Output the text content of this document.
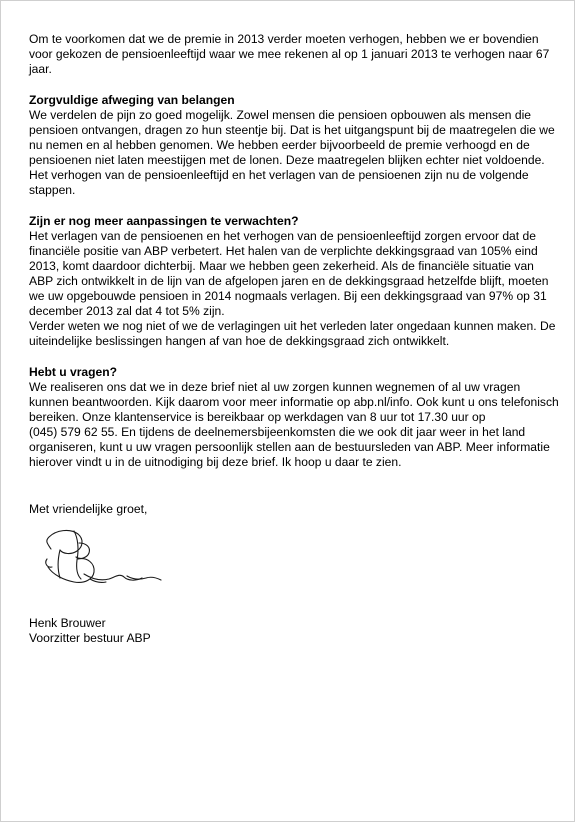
Om te voorkomen dat we de premie in 2013 verder moeten verhogen, hebben we er bovendien voor gekozen de pensioenleeftijd waar we mee rekenen al op 1 januari 2013 te verhogen naar 67 jaar.

Zorgvuldige afweging van belangen

We verdelen de pijn zo goed mogelijk. Zowel mensen die pensioen opbouwen als mensen die pensioen ontvangen, dragen zo hun steentje bij. Dat is het uitgangspunt bij de maatregelen die we nu nemen en al hebben genomen. We hebben eerder bijvoorbeeld de premie verhoogd en de pensioenen niet laten meestijgen met de lonen. Deze maatregelen blijken echter niet voldoende. Het verhogen van de pensioenleeftijd en het verlagen van de pensioenen zijn nu de volgende stappen.

Zijn er nog meer aanpassingen te verwachten?

Het verlagen van de pensioenen en het verhogen van de pensioenleeftijd zorgen ervoor dat de financiële positie van ABP verbetert. Het halen van de verplichte dekkingsgraad van 105% eind 2013, komt daardoor dichterbij. Maar we hebben geen zekerheid. Als de financiële situatie van ABP zich ontwikkelt in de lijn van de afgelopen jaren en de dekkingsgraad hetzelfde blijft, moeten we uw opgebouwde pensioen in 2014 nogmaals verlagen. Bij een dekkingsgraad van 97% op 31 december 2013 zal dat 4 tot 5% zijn.

Verder weten we nog niet of we de verlagingen uit het verleden later ongedaan kunnen maken. De uiteindelijke beslissingen hangen af van hoe de dekkingsgraad zich ontwikkelt.

Hebt u vragen?

We realiseren ons dat we in deze brief niet al uw zorgen kunnen wegnemen of al uw vragen kunnen beantwoorden. Kijk daarom voor meer informatie op abp.nl/info. Ook kunt u ons telefonisch bereiken. Onze klantenservice is bereikbaar op werkdagen van 8 uur tot 17.30 uur op

(045) 579 62 55. En tijdens de deelnemersbijeenkomsten die we ook dit jaar weer in het land organiseren, kunt u uw vragen persoonlijk stellen aan de bestuursleden van ABP. Meer informatie hierover vindt u in de uitnodiging bij deze brief. Ik hoop u daar te zien.

Met vriendelijke groet,

Henk Brouwer

Voorzitter bestuur ABP
